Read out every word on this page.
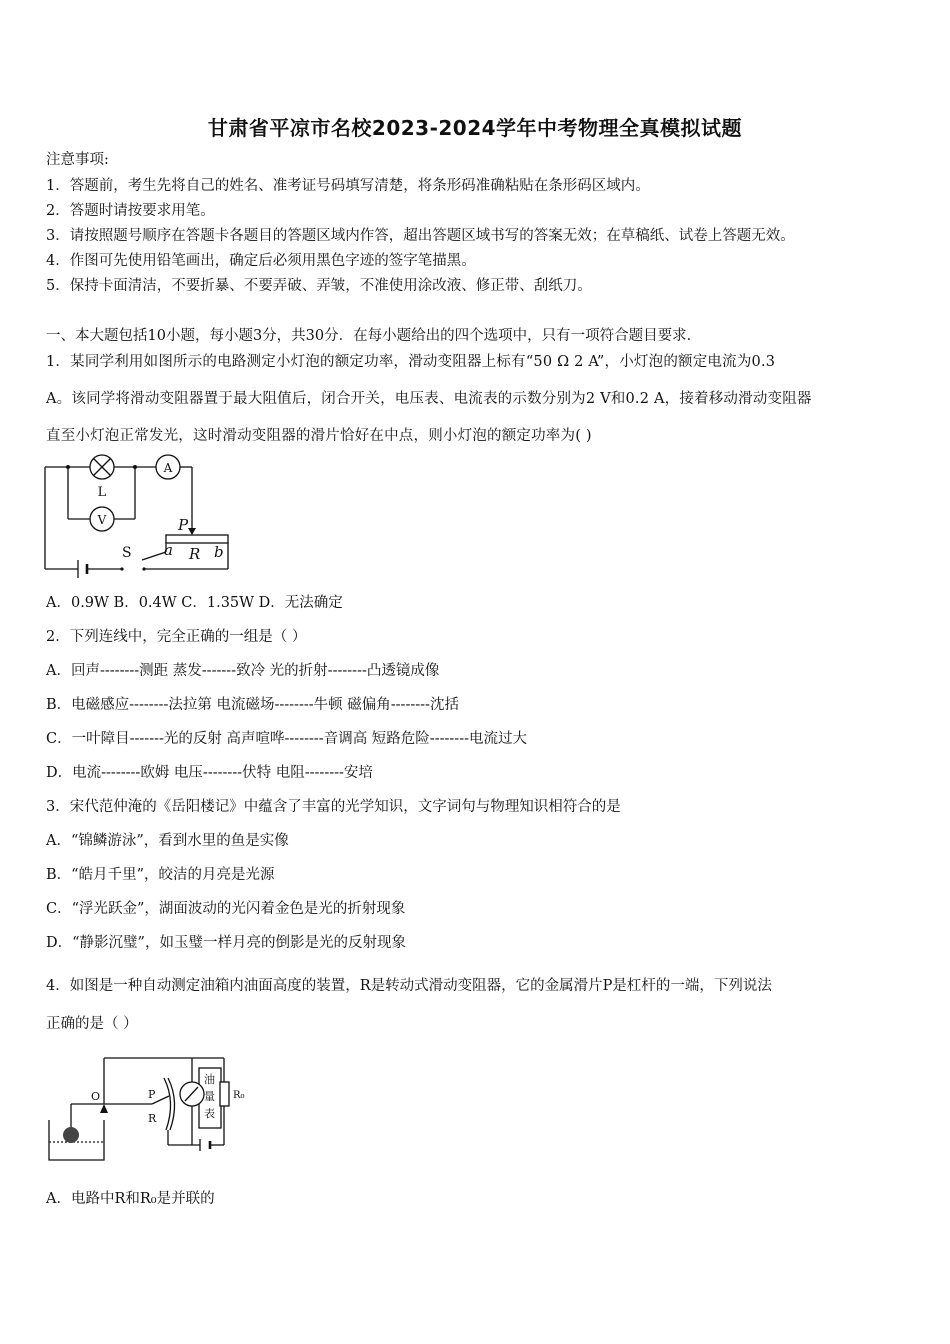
甘肃省平凉市名校2023-2024学年中考物理全真模拟试题
注意事项:
1．答题前，考生先将自己的姓名、准考证号码填写清楚，将条形码准确粘贴在条形码区域内。
2．答题时请按要求用笔。
3．请按照题号顺序在答题卡各题目的答题区域内作答，超出答题区域书写的答案无效；在草稿纸、试卷上答题无效。
4．作图可先使用铅笔画出，确定后必须用黑色字迹的签字笔描黑。
5．保持卡面清洁，不要折暴、不要弄破、弄皱，不准使用涂改液、修正带、刮纸刀。
一、本大题包括10小题，每小题3分，共30分．在每小题给出的四个选项中，只有一项符合题目要求．
1．某同学利用如图所示的电路测定小灯泡的额定功率，滑动变阻器上标有“50 Ω 2 A”，小灯泡的额定电流为0.3
A。该同学将滑动变阻器置于最大阻值后，闭合开关，电压表、电流表的示数分别为2 V和0.2 A，接着移动滑动变阻器
直至小灯泡正常发光，这时滑动变阻器的滑片恰好在中点，则小灯泡的额定功率为( )
L
A
V	P
a R b
S
A．0.9W B．0.4W C．1.35W D．无法确定
2．下列连线中，完全正确的一组是（ ）
A．回声--------测距 蒸发-------致冷 光的折射--------凸透镜成像
B．电磁感应--------法拉第 电流磁场--------牛顿 磁偏角--------沈括
C．一叶障目-------光的反射 高声喧哗--------音调高 短路危险--------电流过大
D．电流--------欧姆 电压--------伏特 电阻--------安培
3．宋代范仲淹的《岳阳楼记》中蕴含了丰富的光学知识，文字词句与物理知识相符合的是
A．“锦鳞游泳”，看到水里的鱼是实像
B．“皓月千里”，皎洁的月亮是光源
C．“浮光跃金”，湖面波动的光闪着金色是光的折射现象
D．“静影沉璧”，如玉璧一样月亮的倒影是光的反射现象
4．如图是一种自动测定油箱内油面高度的装置，R是转动式滑动变阻器，它的金属滑片P是杠杆的一端，下列说法
正确的是（ ）
O	P
R
R₀
油
量
表
A．电路中R和R₀是并联的
